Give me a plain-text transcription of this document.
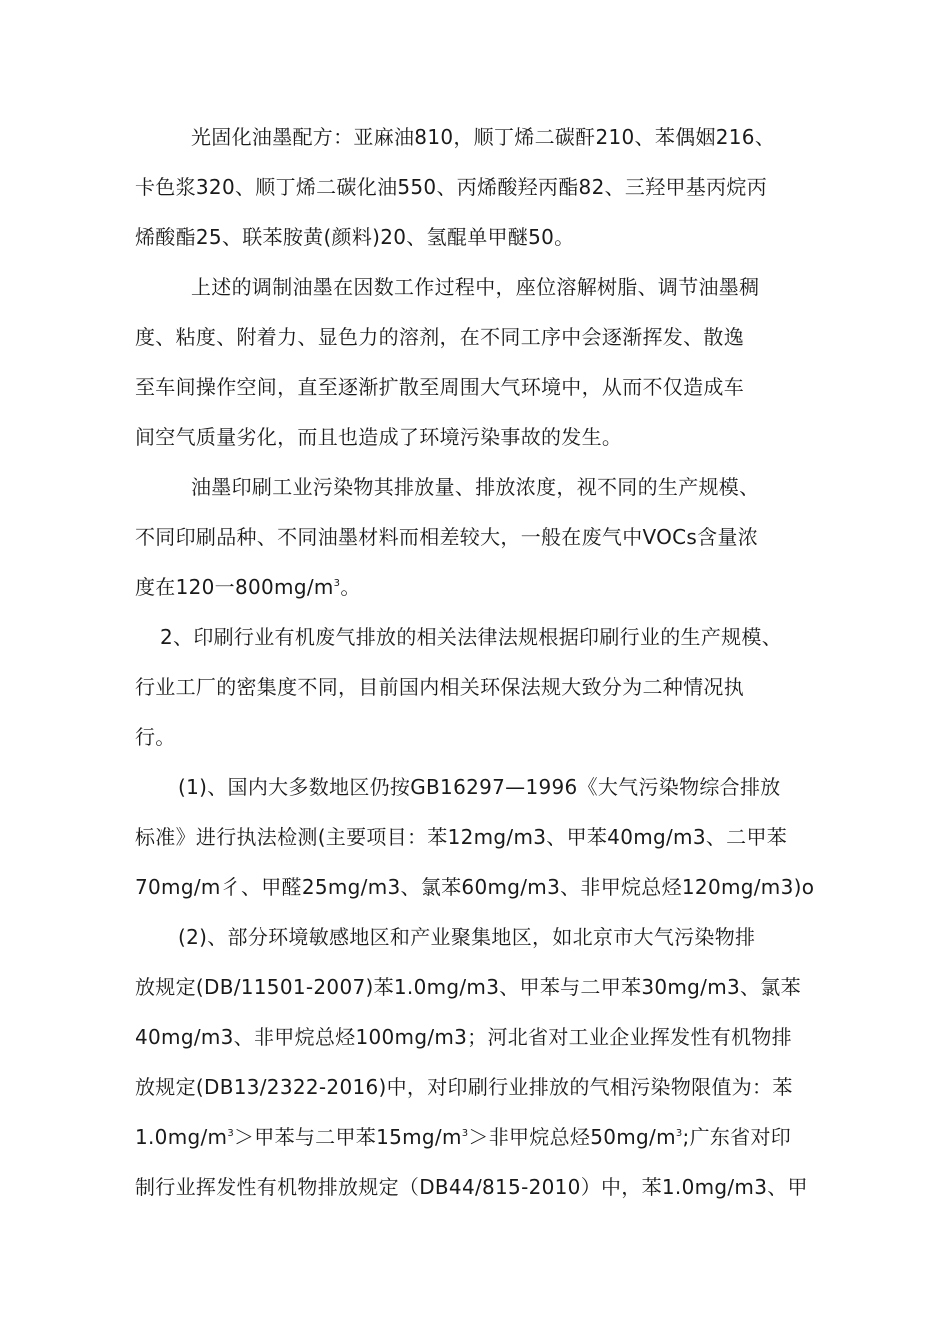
光固化油墨配方：亚麻油810，顺丁烯二碳酐210、苯偶姻216、
卡色浆320、顺丁烯二碳化油550、丙烯酸羟丙酯82、三羟甲基丙烷丙
烯酸酯25、联苯胺黄(颜料)20、氢醌单甲醚50。
上述的调制油墨在因数工作过程中，座位溶解树脂、调节油墨稠
度、粘度、附着力、显色力的溶剂，在不同工序中会逐渐挥发、散逸
至车间操作空间，直至逐渐扩散至周围大气环境中，从而不仅造成车
间空气质量劣化，而且也造成了环境污染事故的发生。
油墨印刷工业污染物其排放量、排放浓度，视不同的生产规模、
不同印刷品种、不同油墨材料而相差较大，一般在废气中VOCs含量浓
度在120一$800mg/m^3$。
2、印刷行业有机废气排放的相关法律法规根据印刷行业的生产规模、
行业工厂的密集度不同，目前国内相关环保法规大致分为二种情况执
行。
(1)、国内大多数地区仍按GB16297—1996《大气污染物综合排放
标准》进行执法检测(主要项目：苯12mg/m3、甲苯40mg/m3、二甲苯
70mg/m彳、甲醛25mg/m3、氯苯60mg/m3、非甲烷总烃120mg/m3)o
(2)、部分环境敏感地区和产业聚集地区，如北京市大气污染物排
放规定(DB/11501-2007)苯1.0mg/m3、甲苯与二甲苯30mg/m3、氯苯
40mg/m3、非甲烷总烃100mg/m3；河北省对工业企业挥发性有机物排
放规定(DB13/2322-2016)中，对印刷行业排放的气相污染物限值为：苯
$1.0mg/m^3>$甲苯与二甲苯$15mg/m^3>$非甲烷总烃$50mg/m^3$;广东省对印
制行业挥发性有机物排放规定（DB44/815-2010）中，苯1.0mg/m3、甲
